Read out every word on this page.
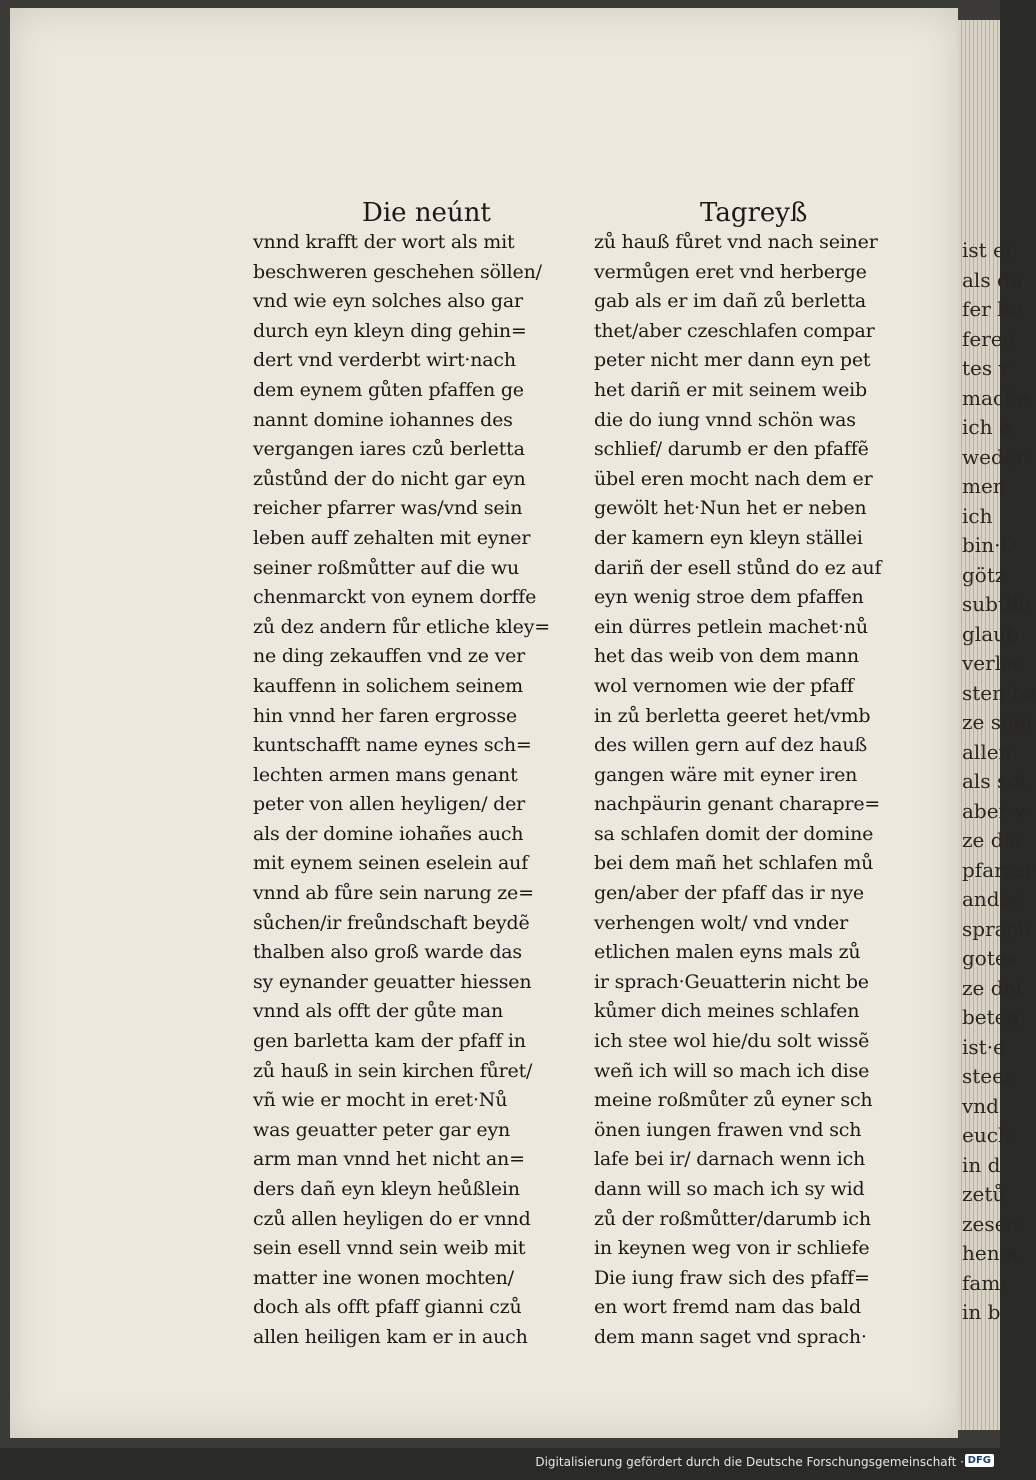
ist ei
als du
fer bo
feren
tes v
mache
ich e
weder
men
ich
bin·D
götz
subtile
glaub
verlac
sten ba
ze sein
allen
als sol
aber v
ze die
pfarrer
andec
sprach
gotes
ze dot
beteg
ist·e
steer
vnd
euch
in d
zetů
zesec
hen a
famı
in b
Die neúnt	Tagreyß
vnnd krafft der wort als mit
beschweren geschehen söllen/
vnd wie eyn solches also gar
durch eyn kleyn ding gehin=
dert vnd verderbt wirt·nach
dem eynem gůten pfaffen ge
nannt domine iohannes des
vergangen iares czů berletta
zůstůnd der do nicht gar eyn
reicher pfarrer was/vnd sein
leben auff zehalten mit eyner
seiner roßmůtter auf die wu
chenmarckt von eynem dorffe
zů dez andern fůr etliche kley=
ne ding zekauffen vnd ze ver
kauffenn in solichem seinem
hin vnnd her faren ergrosse
kuntschafft name eynes sch=
lechten armen mans genant
peter von allen heyligen/ der
als der domine iohañes auch
mit eynem seinen eselein auf
vnnd ab fůre sein narung ze=
sůchen/ir freůndschaft beydẽ
thalben also groß warde das
sy eynander geuatter hiessen
vnnd als offt der gůte man
gen barletta kam der pfaff in
zů hauß in sein kirchen fůret/
vñ wie er mocht in eret·Nů
was geuatter peter gar eyn
arm man vnnd het nicht an=
ders dañ eyn kleyn heůßlein
czů allen heyligen do er vnnd
sein esell vnnd sein weib mit
matter ine wonen mochten/
doch als offt pfaff gianni czů
allen heiligen kam er in auch
zů hauß fůret vnd nach seiner
vermůgen eret vnd herberge
gab als er im dañ zů berletta
thet/aber czeschlafen compar
peter nicht mer dann eyn pet
het dariñ er mit seinem weib
die do iung vnnd schön was
schlief/ darumb er den pfaffẽ
übel eren mocht nach dem er
gewölt het·Nun het er neben
der kamern eyn kleyn ställei
dariñ der esell stůnd do ez auf
eyn wenig stroe dem pfaffen
ein dürres petlein machet·nů
het das weib von dem mann
wol vernomen wie der pfaff
in zů berletta geeret het/vmb
des willen gern auf dez hauß
gangen wäre mit eyner iren
nachpäurin genant charapre=
sa schlafen domit der domine
bei dem mañ het schlafen mů
gen/aber der pfaff das ir nye
verhengen wolt/ vnd vnder
etlichen malen eyns mals zů
ir sprach·Geuatterin nicht be
kůmer dich meines schlafen
ich stee wol hie/du solt wissẽ
weñ ich will so mach ich dise
meine roßmůter zů eyner sch
önen iungen frawen vnd sch
lafe bei ir/ darnach wenn ich
dann will so mach ich sy wid
zů der roßmůtter/darumb ich
in keynen weg von ir schliefe
Die iung fraw sich des pfaff=
en wort fremd nam das bald
dem mann saget vnd sprach·
Digitalisierung gefördert durch die Deutsche Forschungsgemeinschaft · DFG
